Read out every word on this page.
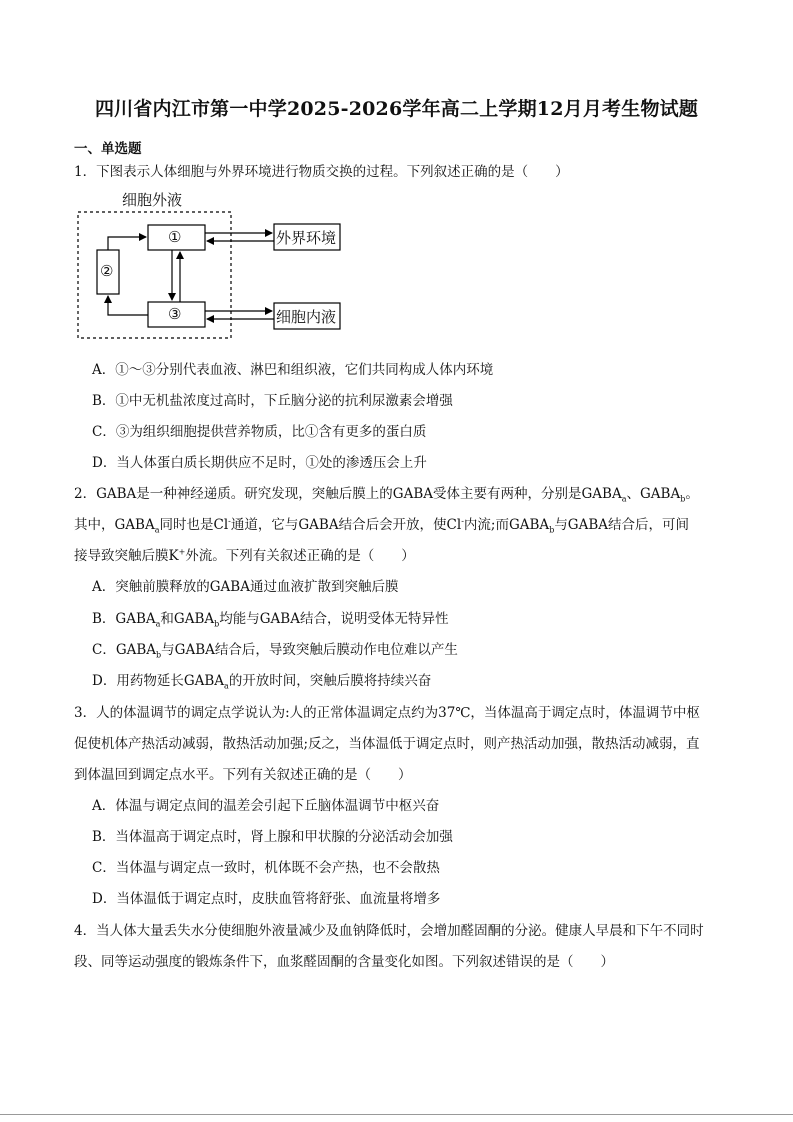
四川省内江市第一中学2025-2026学年高二上学期12月月考生物试题
一、单选题
1．下图表示人体细胞与外界环境进行物质交换的过程。下列叙述正确的是（　　）
细胞外液
①
②
③
外界环境
细胞内液
A．①～③分别代表血液、淋巴和组织液，它们共同构成人体内环境
B．①中无机盐浓度过高时，下丘脑分泌的抗利尿激素会增强
C．③为组织细胞提供营养物质，比①含有更多的蛋白质
D．当人体蛋白质长期供应不足时，①处的渗透压会上升
2．GABA是一种神经递质。研究发现，突触后膜上的GABA受体主要有两种，分别是$GABA_a$、$GABA_b$。
其中，$GABA_a$同时也是Cl-通道，它与GABA结合后会开放，使Cl-内流;而$GABA_b$与GABA结合后，可间
接导致突触后膜K+外流。下列有关叙述正确的是（　　）
A．突触前膜释放的GABA通过血液扩散到突触后膜
B．$GABA_a$和$GABA_b$均能与GABA结合，说明受体无特异性
C．$GABA_b$与GABA结合后，导致突触后膜动作电位难以产生
D．用药物延长$GABA_a$的开放时间，突触后膜将持续兴奋
3．人的体温调节的调定点学说认为:人的正常体温调定点约为37℃，当体温高于调定点时，体温调节中枢
促使机体产热活动减弱，散热活动加强;反之，当体温低于调定点时，则产热活动加强，散热活动减弱，直
到体温回到调定点水平。下列有关叙述正确的是（　　）
A．体温与调定点间的温差会引起下丘脑体温调节中枢兴奋
B．当体温高于调定点时，肾上腺和甲状腺的分泌活动会加强
C．当体温与调定点一致时，机体既不会产热，也不会散热
D．当体温低于调定点时，皮肤血管将舒张、血流量将增多
4．当人体大量丢失水分使细胞外液量减少及血钠降低时，会增加醛固酮的分泌。健康人早晨和下午不同时
段、同等运动强度的锻炼条件下，血浆醛固酮的含量变化如图。下列叙述错误的是（　　）
